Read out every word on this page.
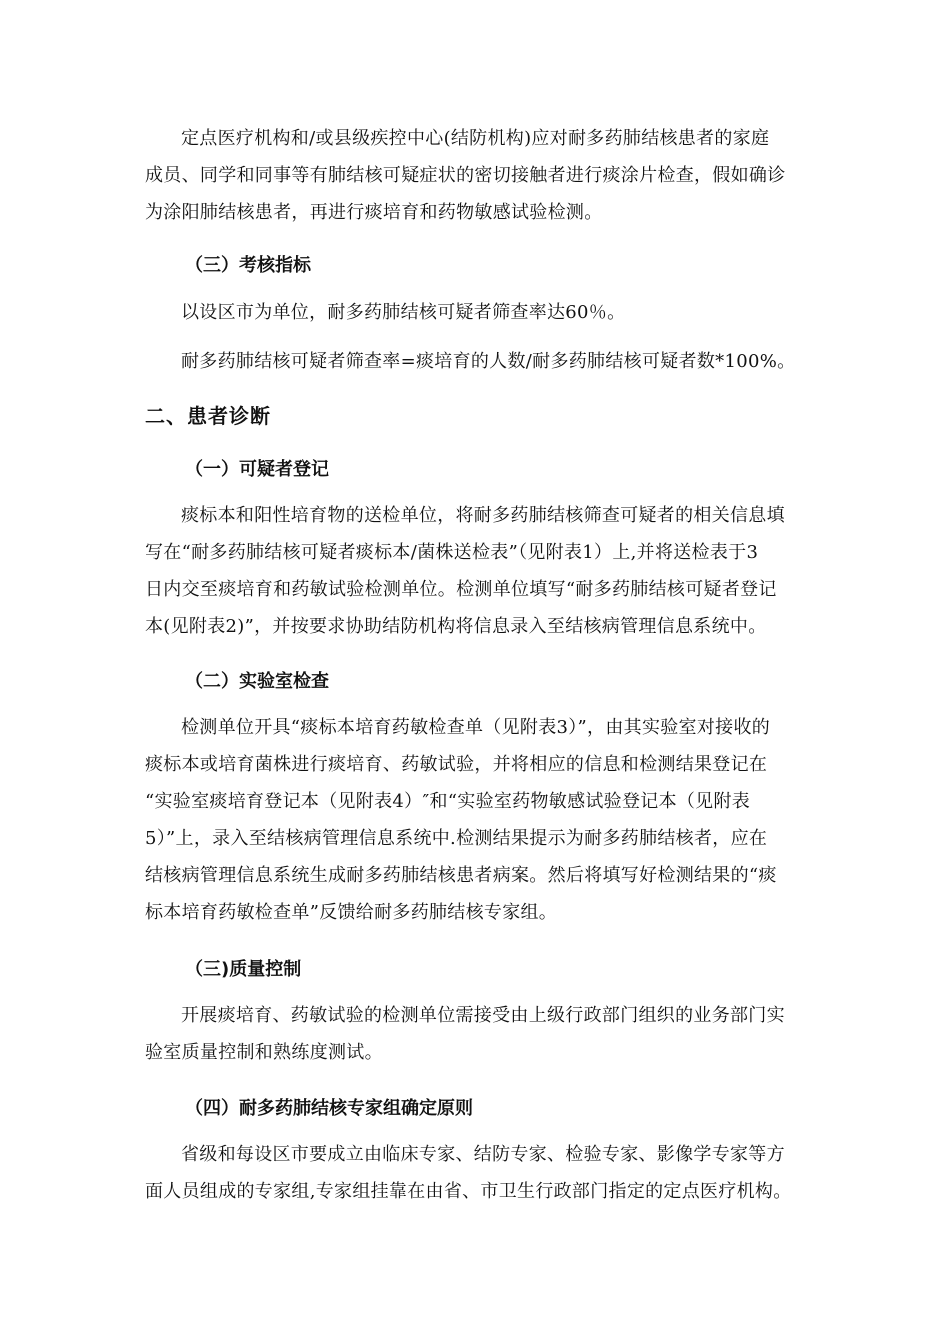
定点医疗机构和/或县级疾控中心(结防机构)应对耐多药肺结核患者的家庭
成员、同学和同事等有肺结核可疑症状的密切接触者进行痰涂片检查，假如确诊
为涂阳肺结核患者，再进行痰培育和药物敏感试验检测。
（三）考核指标
以设区市为单位，耐多药肺结核可疑者筛查率达60％。
耐多药肺结核可疑者筛查率=痰培育的人数/耐多药肺结核可疑者数*100%。
二、患者诊断
（一）可疑者登记
痰标本和阳性培育物的送检单位，将耐多药肺结核筛查可疑者的相关信息填
写在“耐多药肺结核可疑者痰标本/菌株送检表”（见附表1）上,并将送检表于3
日内交至痰培育和药敏试验检测单位。检测单位填写“耐多药肺结核可疑者登记
本(见附表2)”，并按要求协助结防机构将信息录入至结核病管理信息系统中。
（二）实验室检查
检测单位开具“痰标本培育药敏检查单（见附表3）”，由其实验室对接收的
痰标本或培育菌株进行痰培育、药敏试验，并将相应的信息和检测结果登记在
“实验室痰培育登记本（见附表4）″和“实验室药物敏感试验登记本（见附表
5）”上，录入至结核病管理信息系统中.检测结果提示为耐多药肺结核者，应在
结核病管理信息系统生成耐多药肺结核患者病案。然后将填写好检测结果的“痰
标本培育药敏检查单”反馈给耐多药肺结核专家组。
（三)质量控制
开展痰培育、药敏试验的检测单位需接受由上级行政部门组织的业务部门实
验室质量控制和熟练度测试。
（四）耐多药肺结核专家组确定原则
省级和每设区市要成立由临床专家、结防专家、检验专家、影像学专家等方
面人员组成的专家组,专家组挂靠在由省、市卫生行政部门指定的定点医疗机构。
